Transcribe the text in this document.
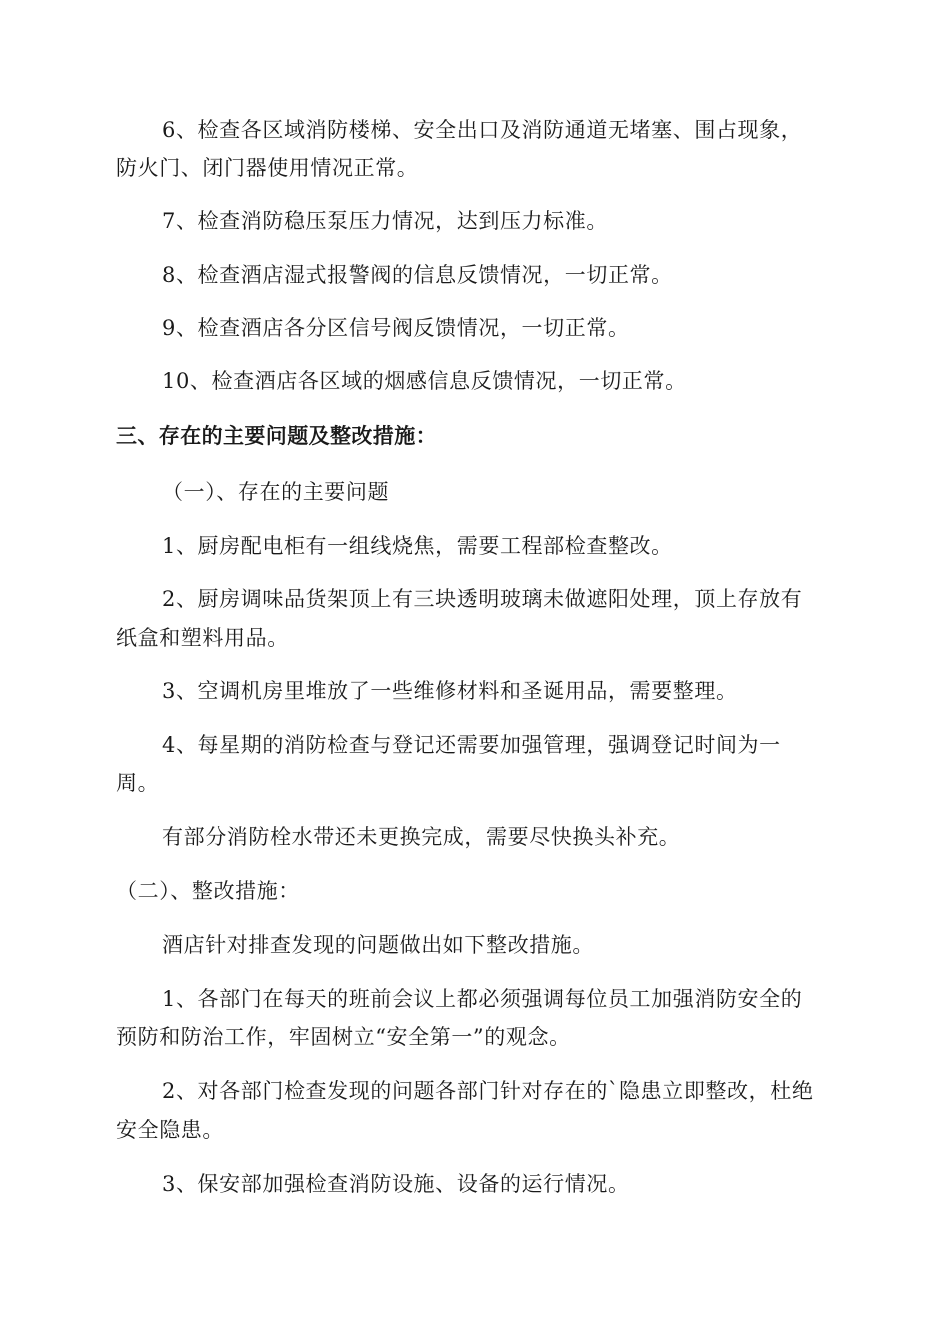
6、检查各区域消防楼梯、安全出口及消防通道无堵塞、围占现象，
防火门、闭门器使用情况正常。
7、检查消防稳压泵压力情况，达到压力标准。
8、检查酒店湿式报警阀的信息反馈情况，一切正常。
9、检查酒店各分区信号阀反馈情况，一切正常。
10、检查酒店各区域的烟感信息反馈情况，一切正常。
三、存在的主要问题及整改措施：
（一）、存在的主要问题
1、厨房配电柜有一组线烧焦，需要工程部检查整改。
2、厨房调味品货架顶上有三块透明玻璃未做遮阳处理，顶上存放有
纸盒和塑料用品。
3、空调机房里堆放了一些维修材料和圣诞用品，需要整理。
4、每星期的消防检查与登记还需要加强管理，强调登记时间为一
周。
有部分消防栓水带还未更换完成，需要尽快换头补充。
（二）、整改措施：
酒店针对排查发现的问题做出如下整改措施。
1、各部门在每天的班前会议上都必须强调每位员工加强消防安全的
预防和防治工作，牢固树立“安全第一”的观念。
2、对各部门检查发现的问题各部门针对存在的`隐患立即整改，杜绝
安全隐患。
3、保安部加强检查消防设施、设备的运行情况。
